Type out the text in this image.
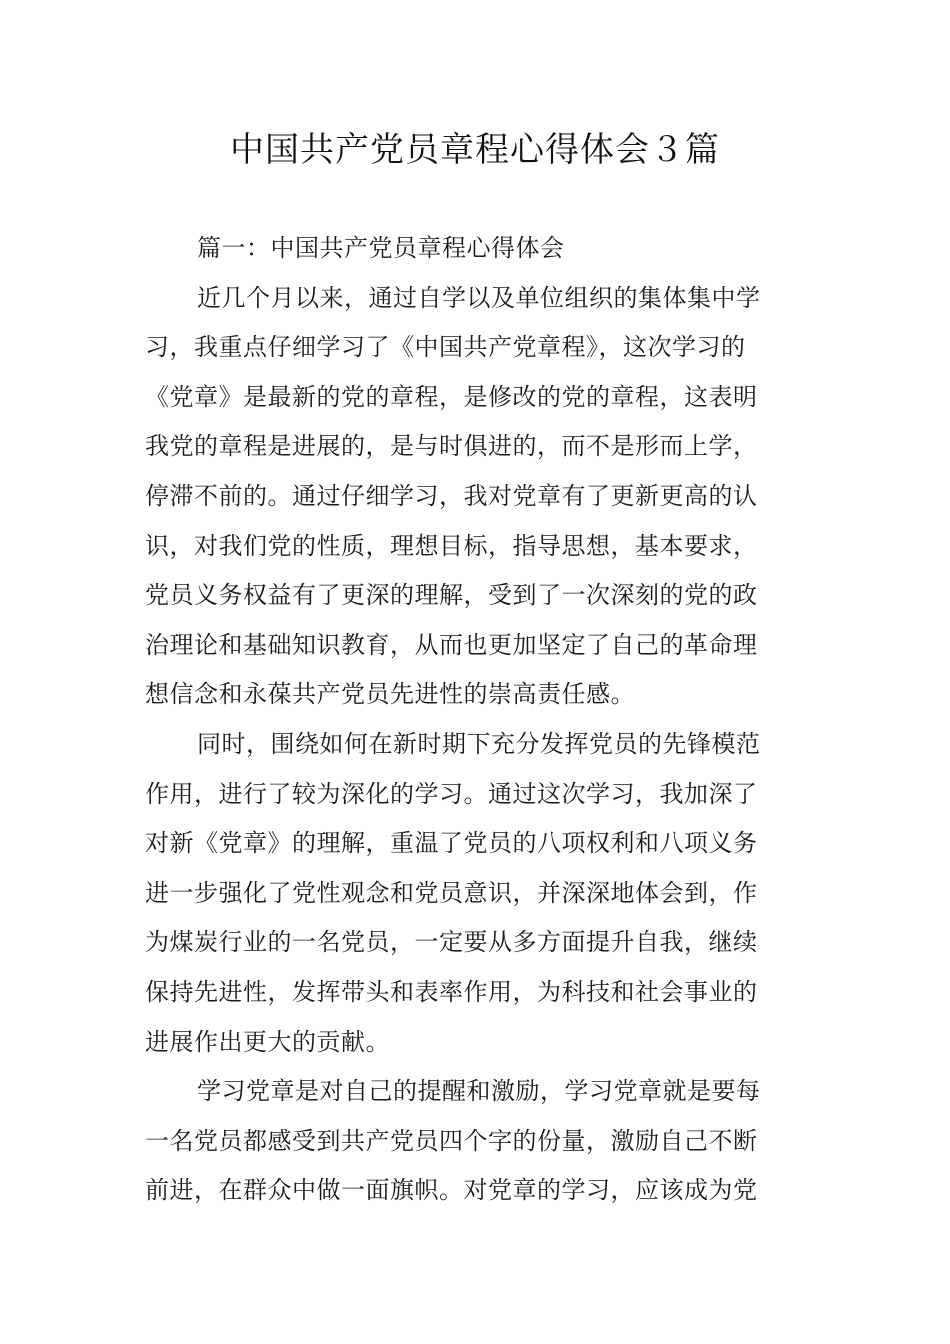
中国共产党员章程心得体会３篇
篇一：中国共产党员章程心得体会
近几个月以来，通过自学以及单位组织的集体集中学
习，我重点仔细学习了《中国共产党章程》，这次学习的
《党章》是最新的党的章程，是修改的党的章程，这表明
我党的章程是进展的，是与时俱进的，而不是形而上学，
停滞不前的。通过仔细学习，我对党章有了更新更高的认
识，对我们党的性质，理想目标，指导思想，基本要求，
党员义务权益有了更深的理解，受到了一次深刻的党的政
治理论和基础知识教育，从而也更加坚定了自己的革命理
想信念和永葆共产党员先进性的崇高责任感。
同时，围绕如何在新时期下充分发挥党员的先锋模范
作用，进行了较为深化的学习。通过这次学习，我加深了
对新《党章》的理解，重温了党员的八项权利和八项义务
进一步强化了党性观念和党员意识，并深深地体会到，作
为煤炭行业的一名党员，一定要从多方面提升自我，继续
保持先进性，发挥带头和表率作用，为科技和社会事业的
进展作出更大的贡献。
学习党章是对自己的提醒和激励，学习党章就是要每
一名党员都感受到共产党员四个字的份量，激励自己不断
前进，在群众中做一面旗帜。对党章的学习，应该成为党
